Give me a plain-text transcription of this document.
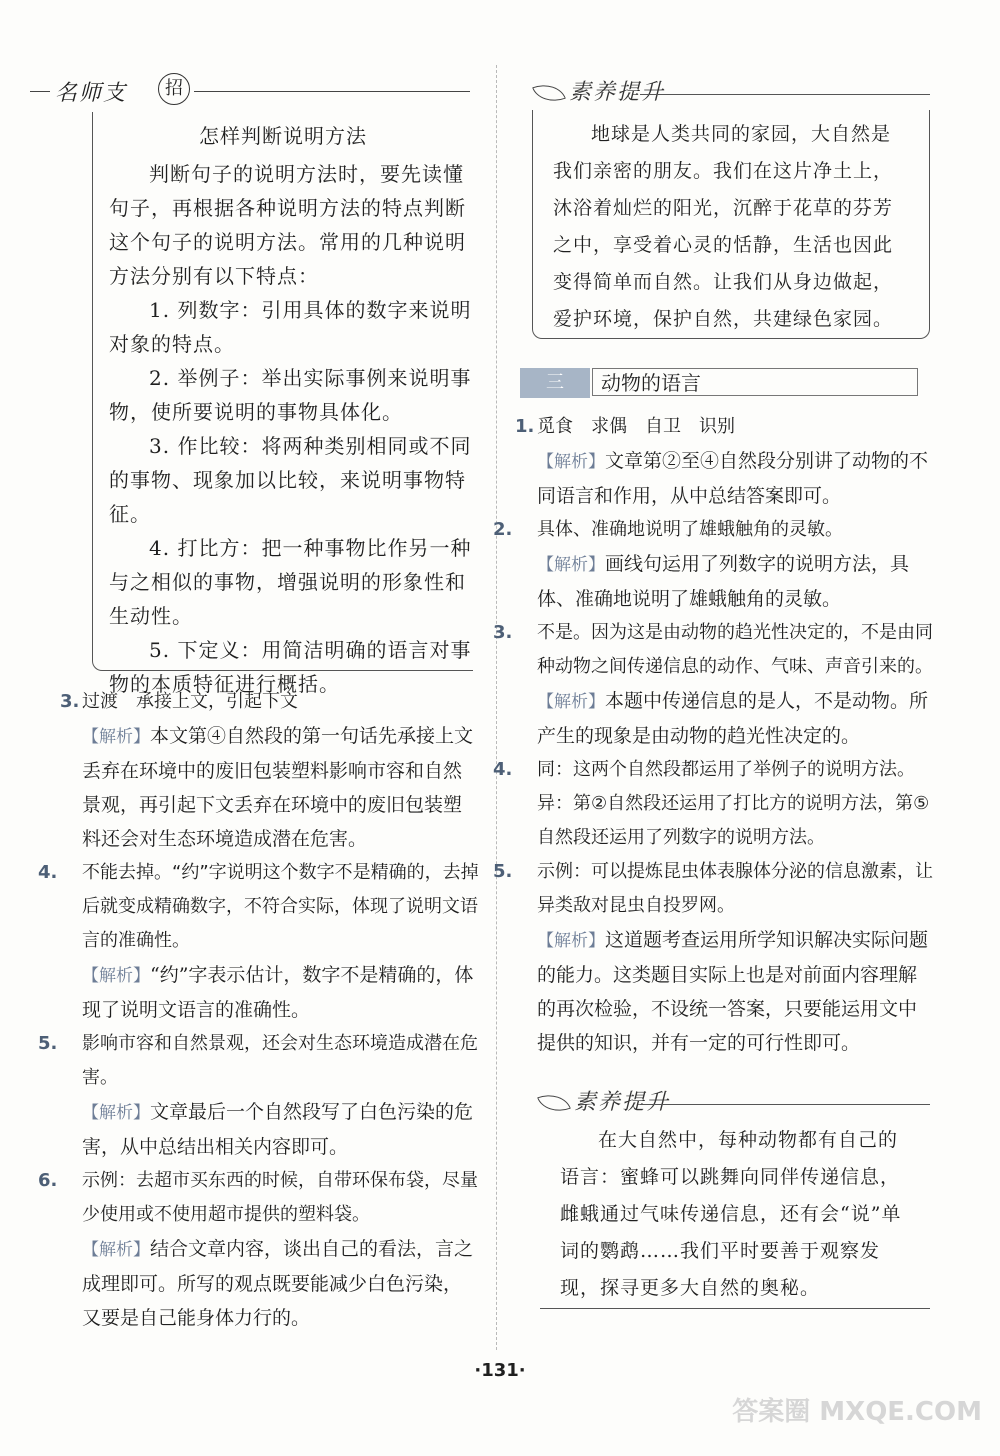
名师支	招
怎样判断说明方法

判断句子的说明方法时，要先读懂句子，再根据各种说明方法的特点判断这个句子的说明方法。常用的几种说明方法分别有以下特点：

1. 列数字：引用具体的数字来说明对象的特点。

2. 举例子：举出实际事例来说明事物，使所要说明的事物具体化。

3. 作比较：将两种类别相同或不同的事物、现象加以比较，来说明事物特征。

4. 打比方：把一种事物比作另一种与之相似的事物，增强说明的形象性和生动性。

5. 下定义：用简洁明确的语言对事物的本质特征进行概括。

3. 过渡　承接上文，引起下文
【解析】本文第④自然段的第一句话先承接上文丢弃在环境中的废旧包装塑料影响市容和自然景观，再引起下文丢弃在环境中的废旧包装塑料还会对生态环境造成潜在危害。
4. 不能去掉。“约”字说明这个数字不是精确的，去掉后就变成精确数字，不符合实际，体现了说明文语言的准确性。
【解析】“约”字表示估计，数字不是精确的，体现了说明文语言的准确性。
5. 影响市容和自然景观，还会对生态环境造成潜在危害。
【解析】文章最后一个自然段写了白色污染的危害，从中总结出相关内容即可。
6. 示例：去超市买东西的时候，自带环保布袋，尽量少使用或不使用超市提供的塑料袋。
【解析】结合文章内容，谈出自己的看法，言之成理即可。所写的观点既要能减少白色污染，又要是自己能身体力行的。
素养提升

地球是人类共同的家园，大自然是我们亲密的朋友。我们在这片净土上，沐浴着灿烂的阳光，沉醉于花草的芬芳之中，享受着心灵的恬静，生活也因此变得简单而自然。让我们从身边做起，爱护环境，保护自然，共建绿色家园。

三	动物的语言
1. 觅食　求偶　自卫　识别
【解析】文章第②至④自然段分别讲了动物的不同语言和作用，从中总结答案即可。
2. 具体、准确地说明了雄蛾触角的灵敏。
【解析】画线句运用了列数字的说明方法，具体、准确地说明了雄蛾触角的灵敏。
3. 不是。因为这是由动物的趋光性决定的，不是由同种动物之间传递信息的动作、气味、声音引来的。
【解析】本题中传递信息的是人，不是动物。所产生的现象是由动物的趋光性决定的。
4. 同：这两个自然段都运用了举例子的说明方法。异：第②自然段还运用了打比方的说明方法，第⑤自然段还运用了列数字的说明方法。
5. 示例：可以提炼昆虫体表腺体分泌的信息激素，让异类敌对昆虫自投罗网。
【解析】这道题考查运用所学知识解决实际问题的能力。这类题目实际上也是对前面内容理解的再次检验，不设统一答案，只要能运用文中提供的知识，并有一定的可行性即可。
素养提升

在大自然中，每种动物都有自己的语言：蜜蜂可以跳舞向同伴传递信息，雌蛾通过气味传递信息，还有会“说”单词的鹦鹉……我们平时要善于观察发现，探寻更多大自然的奥秘。

·131·
答案圈 MXQE.COM
